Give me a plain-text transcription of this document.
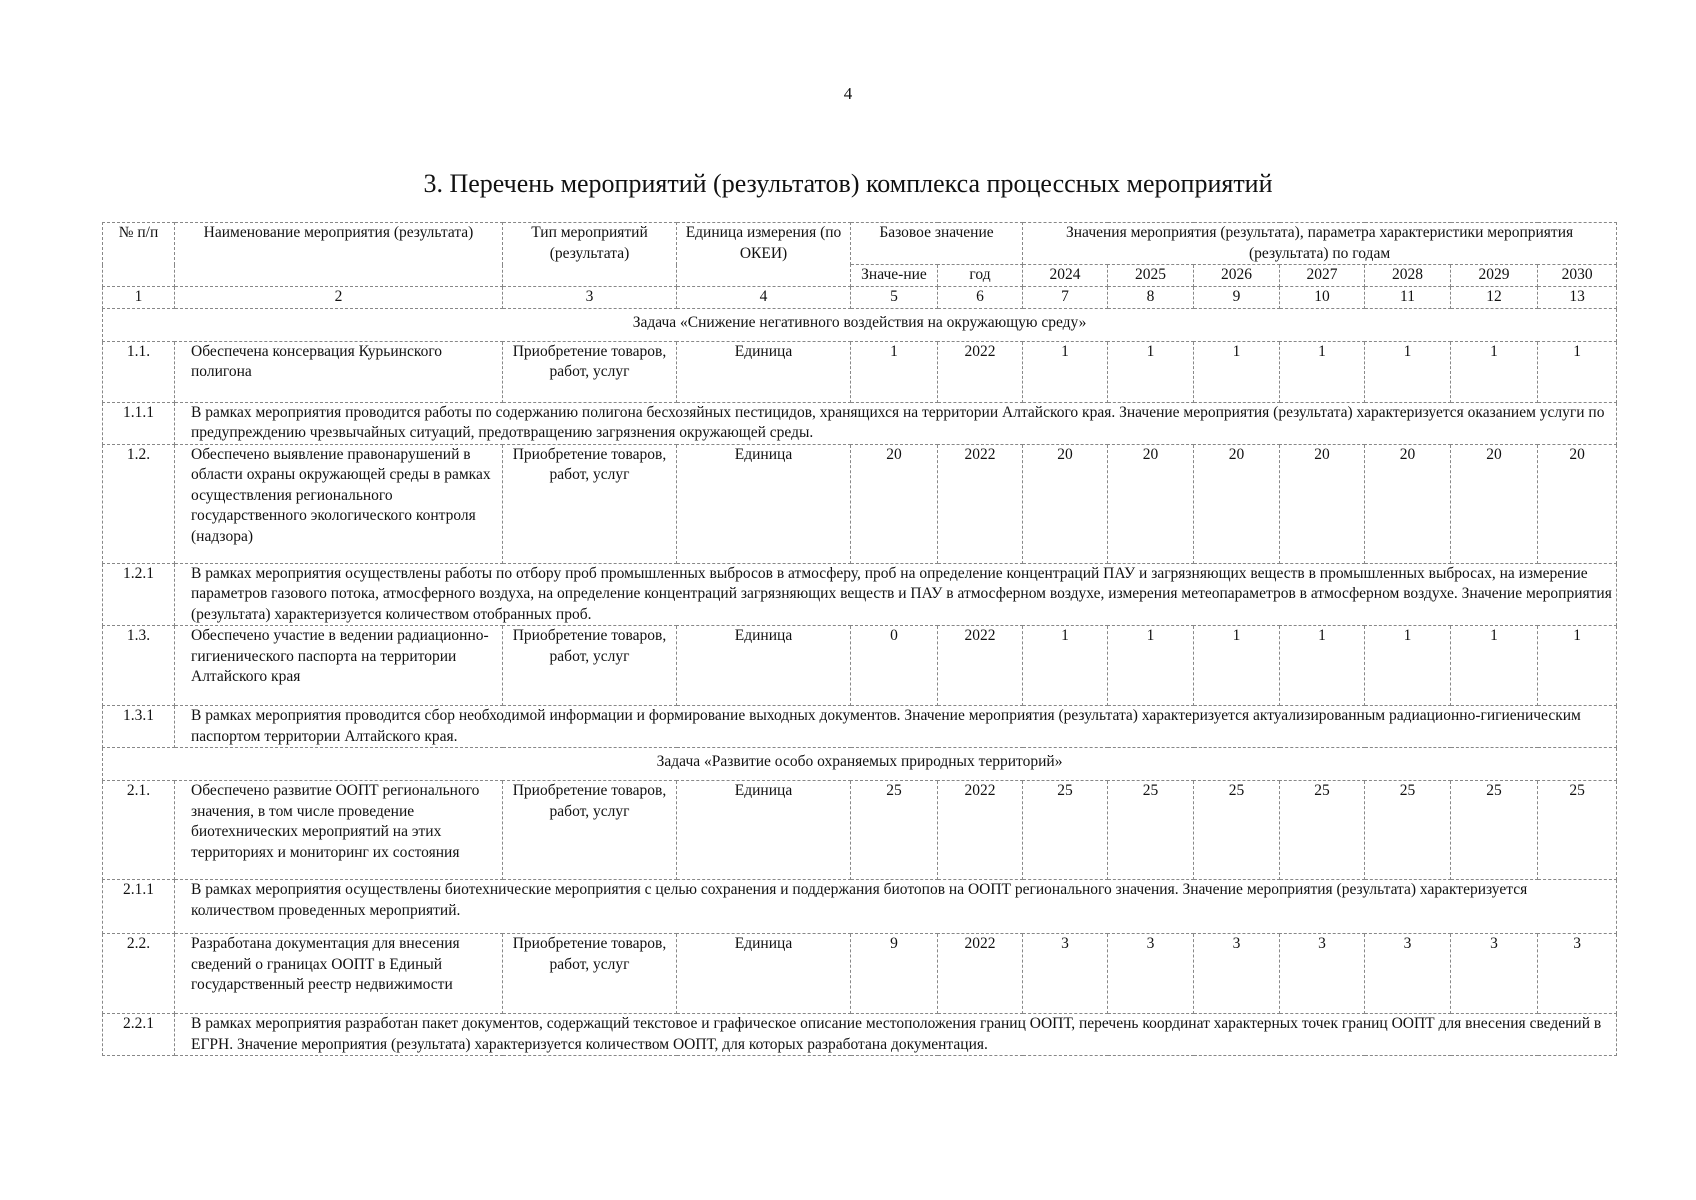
4
3. Перечень мероприятий (результатов) комплекса процессных мероприятий
№ п/п	Наименование мероприятия (результата)	Тип мероприятий (результата)	Единица измерения (по ОКЕИ)	Базовое значение		Значения мероприятия (результата), параметра характеристики мероприятия (результата) по годам						
				Значе-ние	год	2024	2025	2026	2027	2028	2029	2030
1	2	3	4	5	6	7	8	9	10	11	12	13
Задача «Снижение негативного воздействия на окружающую среду»												
1.1.	Обеспечена консервация Курьинского полигона	Приобретение товаров, работ, услуг	Единица	1	2022	1	1	1	1	1	1	1
1.1.1	В рамках мероприятия проводится работы по содержанию полигона бесхозяйных пестицидов, хранящихся на территории Алтайского края. Значение мероприятия (результата) характеризуется оказанием услуги по предупреждению чрезвычайных ситуаций, предотвращению загрязнения окружающей среды.											
1.2.	Обеспечено выявление правонарушений в области охраны окружающей среды в рамках осуществления регионального государственного экологического контроля (надзора)	Приобретение товаров, работ, услуг	Единица	20	2022	20	20	20	20	20	20	20
1.2.1	В рамках мероприятия осуществлены работы по отбору проб промышленных выбросов в атмосферу, проб на определение концентраций ПАУ и загрязняющих веществ в промышленных выбросах, на измерение параметров газового потока, атмосферного воздуха, на определение концентраций загрязняющих веществ и ПАУ в атмосферном воздухе, измерения метеопараметров в атмосферном воздухе. Значение мероприятия (результата) характеризуется количеством отобранных проб.											
1.3.	Обеспечено участие в ведении радиационно-гигиенического паспорта на территории Алтайского края	Приобретение товаров, работ, услуг	Единица	0	2022	1	1	1	1	1	1	1
1.3.1	В рамках мероприятия проводится сбор необходимой информации и формирование выходных документов. Значение мероприятия (результата) характеризуется актуализированным радиационно-гигиеническим паспортом территории Алтайского края.											
Задача «Развитие особо охраняемых природных территорий»												
2.1.	Обеспечено развитие ООПТ регионального значения, в том числе проведение биотехнических мероприятий на этих территориях и мониторинг их состояния	Приобретение товаров, работ, услуг	Единица	25	2022	25	25	25	25	25	25	25
2.1.1	В рамках мероприятия осуществлены биотехнические мероприятия с целью сохранения и поддержания биотопов на ООПТ регионального значения. Значение мероприятия (результата) характеризуется количеством проведенных мероприятий.											
2.2.	Разработана документация для внесения сведений о границах ООПТ в Единый государственный реестр недвижимости	Приобретение товаров, работ, услуг	Единица	9	2022	3	3	3	3	3	3	3
2.2.1	В рамках мероприятия разработан пакет документов, содержащий текстовое и графическое описание местоположения границ ООПТ, перечень координат характерных точек границ ООПТ для внесения сведений в ЕГРН. Значение мероприятия (результата) характеризуется количеством ООПТ, для которых разработана документация.											
